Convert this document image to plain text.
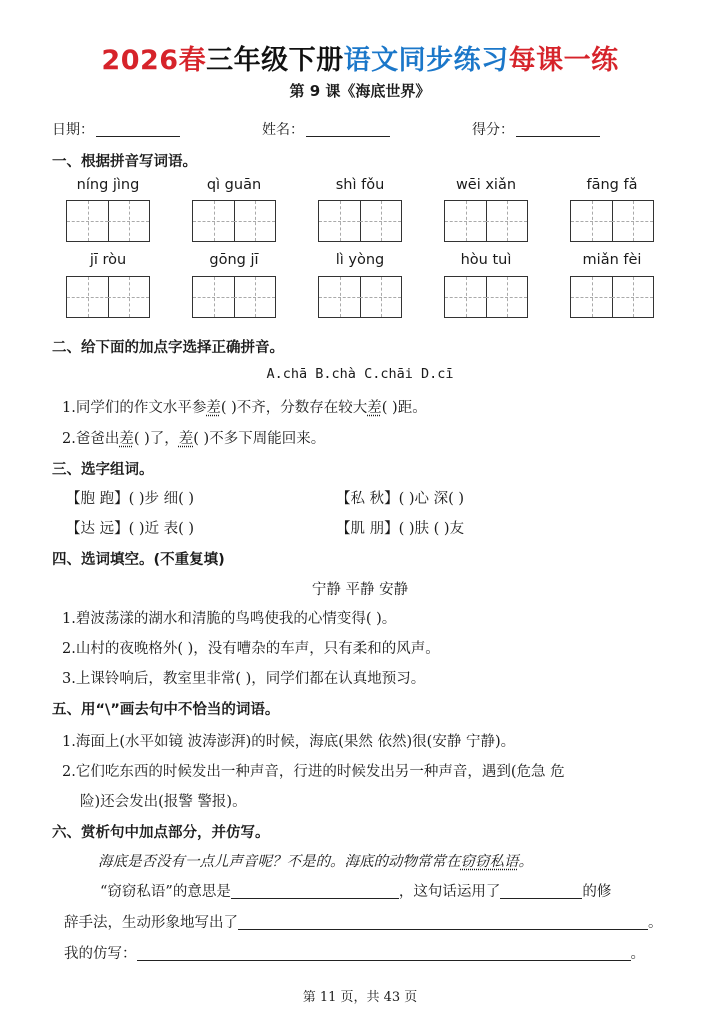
2026春三年级下册语文同步练习每课一练
第 9 课《海底世界》
日期：	姓名：	得分：
一、根据拼音写词语。
níng jìng	qì guān	shì fǒu	wēi xiǎn	fāng fǎ
jī ròu	gōng jī	lì yòng	hòu tuì	miǎn fèi
二、给下面的加点字选择正确拼音。
A.chā B.chà C.chāi D.cī
1.同学们的作文水平参差( )不齐，分数存在较大差( )距。
2.爸爸出差( )了，差( )不多下周能回来。
三、选字组词。
【胞 跑】( )步 细( )	【私 秋】( )心 深( )
【达 远】( )近 表( )	【肌 朋】( )肤 ( )友
四、选词填空。(不重复填)
宁静 平静 安静
1.碧波荡漾的湖水和清脆的鸟鸣使我的心情变得( )。
2.山村的夜晚格外( )，没有嘈杂的车声，只有柔和的风声。
3.上课铃响后，教室里非常( )，同学们都在认真地预习。
五、用“\”画去句中不恰当的词语。
1.海面上(水平如镜 波涛澎湃)的时候，海底(果然 依然)很(安静 宁静)。
2.它们吃东西的时候发出一种声音，行进的时候发出另一种声音，遇到(危急 危
险)还会发出(报警 警报)。
六、赏析句中加点部分，并仿写。
海底是否没有一点儿声音呢？不是的。海底的动物常常在窃窃私语。
“窃窃私语”的意思是	，这句话运用了	的修
辞手法，生动形象地写出了	。
我的仿写：	。
第 11 页，共 43 页
